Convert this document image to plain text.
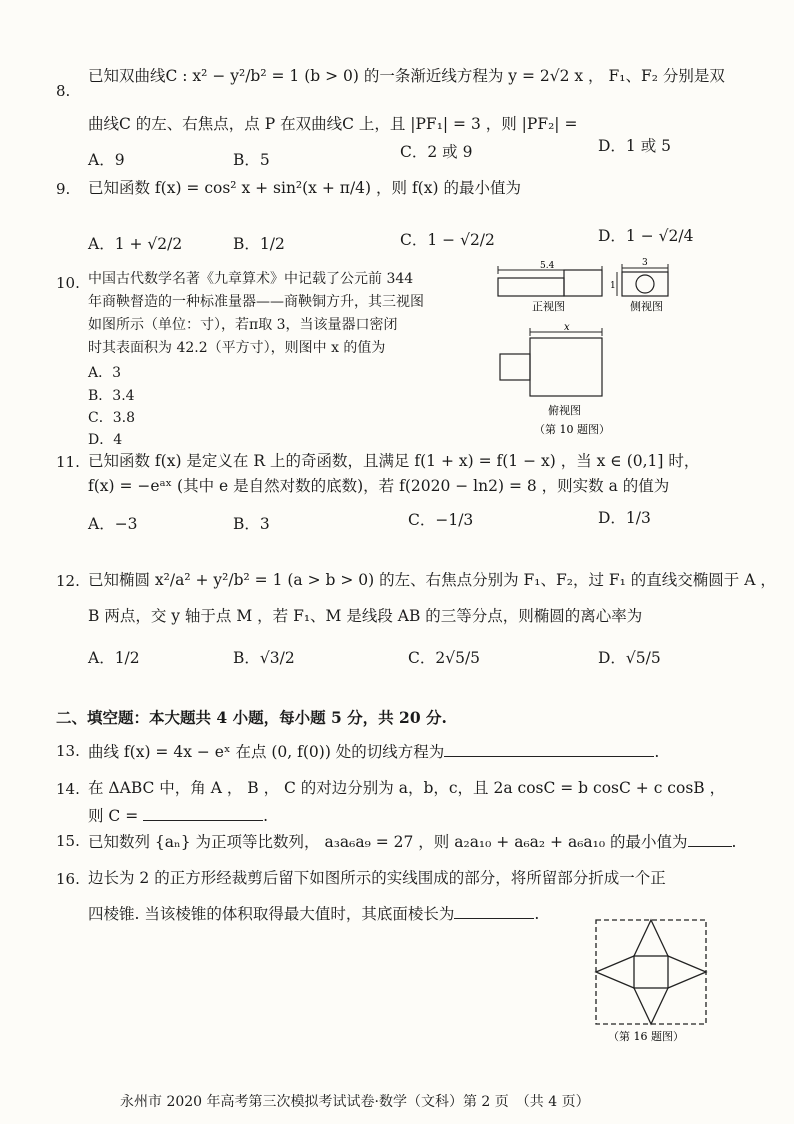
8.
已知双曲线C : x² − y²/b² = 1 (b > 0) 的一条渐近线方程为 y = 2√2 x ， F₁、F₂ 分别是双
曲线C 的左、右焦点，点 P 在双曲线C 上，且 |PF₁| = 3 ，则 |PF₂| =
A．9	B．5	C．2 或 9	D．1 或 5
9. 已知函数 f(x) = cos² x + sin²(x + π/4) ，则 f(x) 的最小值为
A．1 + √2/2	B．1/2	C．1 − √2/2	D．1 − √2/4
10. 中国古代数学名著《九章算术》中记载了公元前 344
年商鞅督造的一种标准量器——商鞅铜方升，其三视图
如图所示（单位：寸），若π取 3，当该量器口密闭
时其表面积为 42.2（平方寸），则图中 x 的值为
A．3
B．3.4
C．3.8
D．4
5.4
正视图
3
1
侧视图
x
俯视图
（第 10 题图）
11. 已知函数 f(x) 是定义在 R 上的奇函数，且满足 f(1 + x) = f(1 − x) ，当 x ∈ (0,1] 时，
f(x) = −eᵃˣ (其中 e 是自然对数的底数)，若 f(2020 − ln2) = 8 ，则实数 a 的值为
A．−3	B．3	C．−1/3	D．1/3
12. 已知椭圆 x²/a² + y²/b² = 1 (a > b > 0) 的左、右焦点分别为 F₁、F₂，过 F₁ 的直线交椭圆于 A ，
B 两点，交 y 轴于点 M ，若 F₁、M 是线段 AB 的三等分点，则椭圆的离心率为
A．1/2	B．√3/2	C．2√5/5	D．√5/5
二、填空题：本大题共 4 小题，每小题 5 分，共 20 分.
13. 曲线 f(x) = 4x − eˣ 在点 (0, f(0)) 处的切线方程为	.
14. 在 ΔABC 中，角 A ， B ， C 的对边分别为 a，b，c，且 2a cosC = b cosC + c cosB ，
则 C =	.
15. 已知数列 {aₙ} 为正项等比数列， a₃a₆a₉ = 27 ，则 a₂a₁₀ + a₆a₂ + a₆a₁₀ 的最小值为	.
16. 边长为 2 的正方形经裁剪后留下如图所示的实线围成的部分，将所留部分折成一个正
四棱锥. 当该棱锥的体积取得最大值时，其底面棱长为	.
（第 16 题图）
永州市 2020 年高考第三次模拟考试试卷·数学（文科）第 2 页　（共 4 页）
